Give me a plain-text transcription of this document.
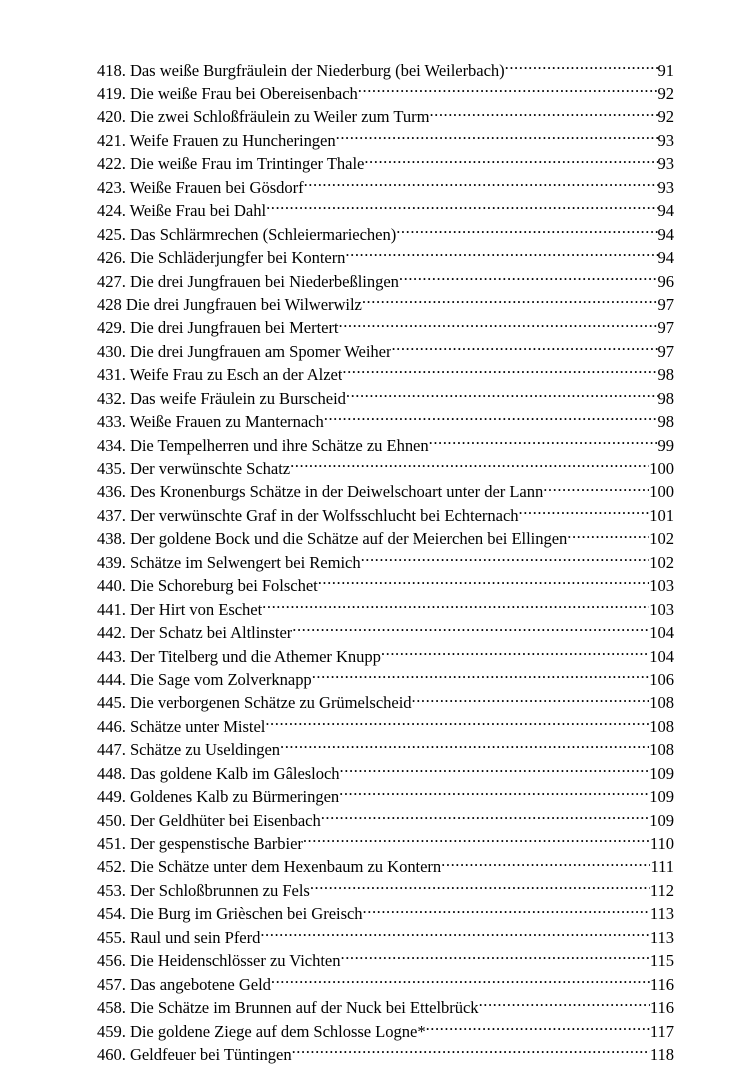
418. Das weiße Burgfräulein der Niederburg (bei Weilerbach) .....	91
419. Die weiße Frau bei Obereisenbach .....	92
420. Die zwei Schloßfräulein zu Weiler zum Turm .....	92
421. Weife Frauen zu Huncheringen .....	93
422. Die weiße Frau im Trintinger Thale .....	93
423. Weiße Frauen bei Gösdorf .....	93
424. Weiße Frau bei Dahl .....	94
425. Das Schlärmrechen (Schleiermariechen) .....	94
426. Die Schläderjungfer bei Kontern .....	94
427. Die drei Jungfrauen bei Niederbeßlingen .....	96
428 Die drei Jungfrauen bei Wilwerwilz .....	97
429. Die drei Jungfrauen bei Mertert .....	97
430. Die drei Jungfrauen am Spomer Weiher .....	97
431. Weife Frau zu Esch an der Alzet .....	98
432. Das weife Fräulein zu Burscheid .....	98
433. Weiße Frauen zu Manternach .....	98
434. Die Tempelherren und ihre Schätze zu Ehnen .....	99
435. Der verwünschte Schatz .....	100
436. Des Kronenburgs Schätze in der Deiwelschoart unter der Lann .....	100
437. Der verwünschte Graf in der Wolfsschlucht bei Echternach .....	101
438. Der goldene Bock und die Schätze auf der Meierchen bei Ellingen .....	102
439. Schätze im Selwengert bei Remich .....	102
440. Die Schoreburg bei Folschet .....	103
441. Der Hirt von Eschet .....	103
442. Der Schatz bei Altlinster .....	104
443. Der Titelberg und die Athemer Knupp .....	104
444. Die Sage vom Zolverknapp .....	106
445. Die verborgenen Schätze zu Grümelscheid .....	108
446. Schätze unter Mistel .....	108
447. Schätze zu Useldingen .....	108
448. Das goldene Kalb im Gâlesloch .....	109
449. Goldenes Kalb zu Bürmeringen .....	109
450. Der Geldhüter bei Eisenbach .....	109
451. Der gespenstische Barbier .....	110
452. Die Schätze unter dem Hexenbaum zu Kontern .....	111
453. Der Schloßbrunnen zu Fels .....	112
454. Die Burg im Grièschen bei Greisch .....	113
455. Raul und sein Pferd .....	113
456. Die Heidenschlösser zu Vichten .....	115
457. Das angebotene Geld .....	116
458. Die Schätze im Brunnen auf der Nuck bei Ettelbrück .....	116
459. Die goldene Ziege auf dem Schlosse Logne* .....	117
460. Geldfeuer bei Tüntingen .....	118
